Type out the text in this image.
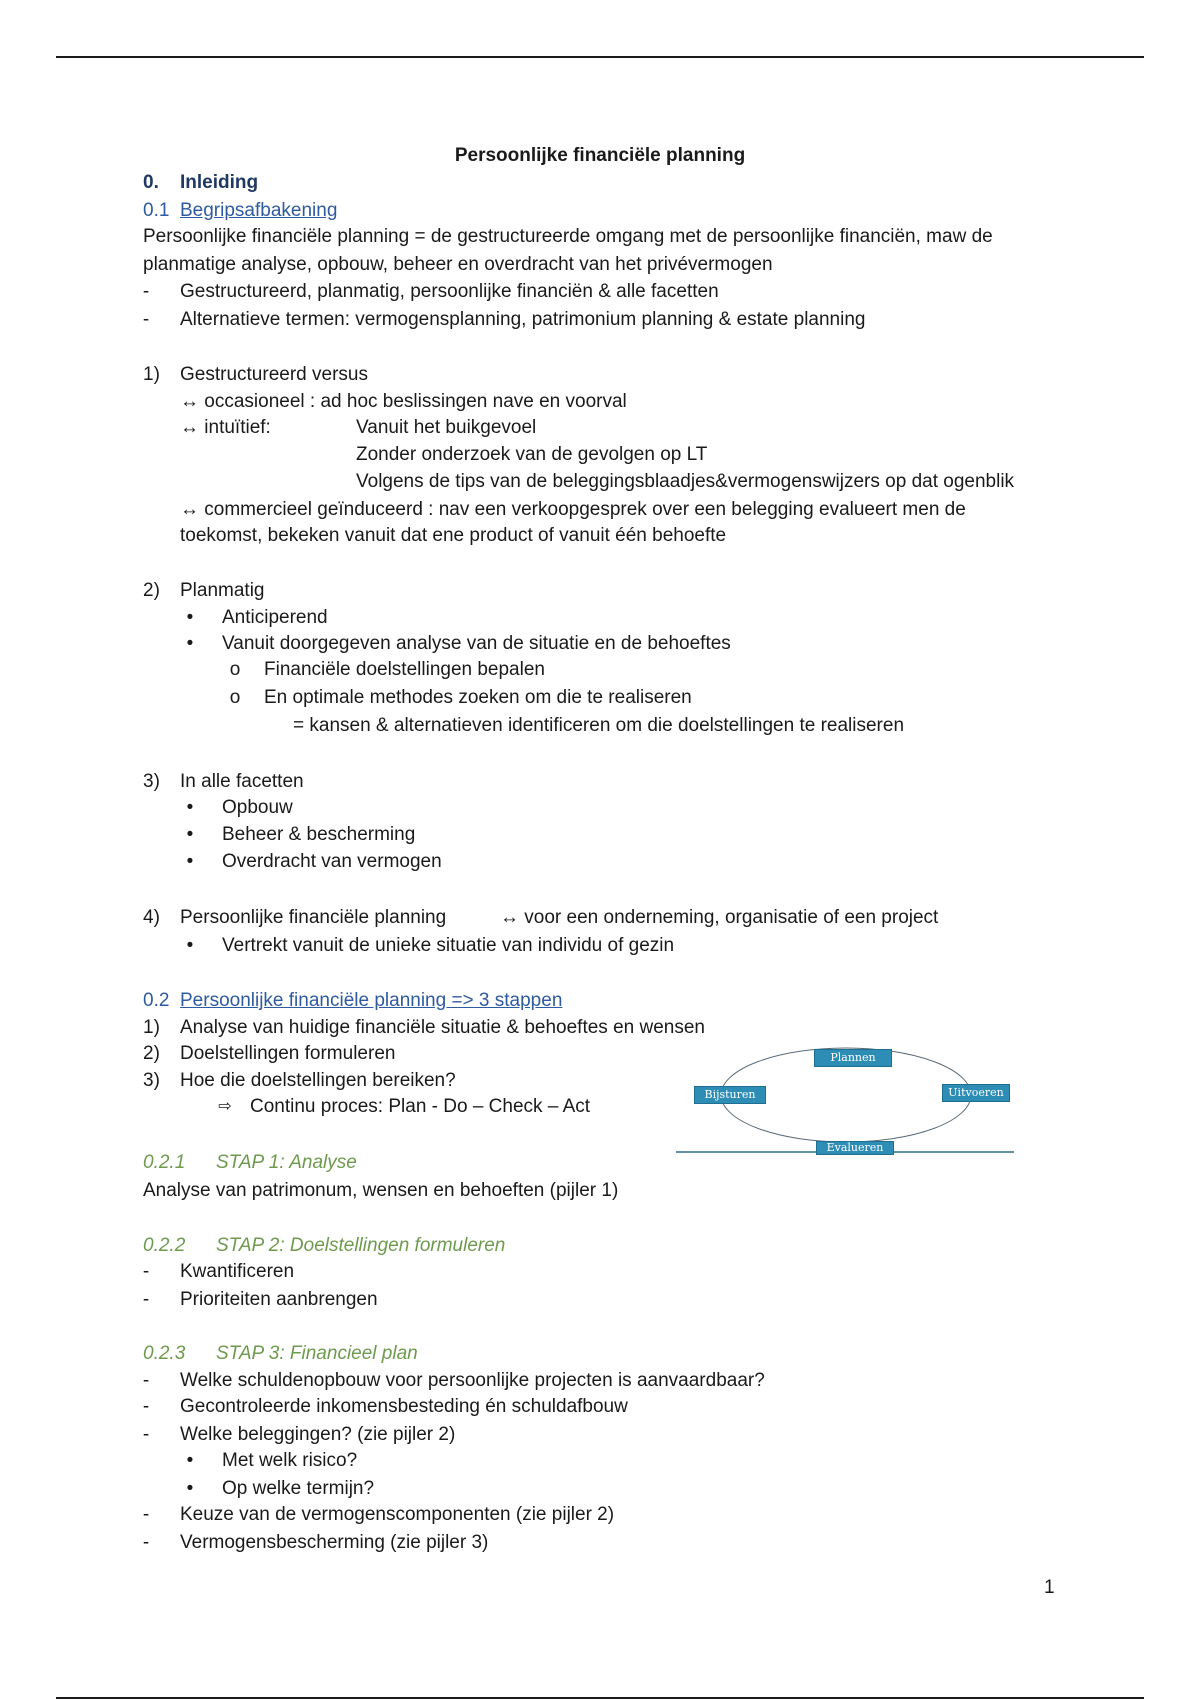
Persoonlijke financiële planning
0. Inleiding
0.1 Begripsafbakening
Persoonlijke financiële planning = de gestructureerde omgang met de persoonlijke financiën, maw de
planmatige analyse, opbouw, beheer en overdracht van het privévermogen
-	Gestructureerd, planmatig, persoonlijke financiën & alle facetten
-	Alternatieve termen: vermogensplanning, patrimonium planning & estate planning
1) Gestructureerd versus
↔ occasioneel : ad hoc beslissingen nave en voorval
↔ intuïtief:	Vanuit het buikgevoel
Zonder onderzoek van de gevolgen op LT
Volgens de tips van de beleggingsblaadjes&vermogenswijzers op dat ogenblik
↔ commercieel geïnduceerd : nav een verkoopgesprek over een belegging evalueert men de
toekomst, bekeken vanuit dat ene product of vanuit één behoefte
2) Planmatig
•	Anticiperend
•	Vanuit doorgegeven analyse van de situatie en de behoeftes
o Financiële doelstellingen bepalen
o En optimale methodes zoeken om die te realiseren
= kansen & alternatieven identificeren om die doelstellingen te realiseren
3) In alle facetten
•	Opbouw
•	Beheer & bescherming
•	Overdracht van vermogen
4) Persoonlijke financiële planning	↔ voor een onderneming, organisatie of een project
•	Vertrekt vanuit de unieke situatie van individu of gezin
0.2 Persoonlijke financiële planning => 3 stappen
1) Analyse van huidige financiële situatie & behoeftes en wensen
2) Doelstellingen formuleren
3) Hoe die doelstellingen bereiken?
⇨ Continu proces: Plan - Do – Check – Act
Plannen
Uitvoeren
Evalueren
Bijsturen
0.2.1 STAP 1: Analyse
Analyse van patrimonum, wensen en behoeften (pijler 1)
0.2.2 STAP 2: Doelstellingen formuleren
-	Kwantificeren
-	Prioriteiten aanbrengen
0.2.3 STAP 3: Financieel plan
-	Welke schuldenopbouw voor persoonlijke projecten is aanvaardbaar?
-	Gecontroleerde inkomensbesteding én schuldafbouw
-	Welke beleggingen? (zie pijler 2)
•	Met welk risico?
•	Op welke termijn?
-	Keuze van de vermogenscomponenten (zie pijler 2)
-	Vermogensbescherming (zie pijler 3)
1
